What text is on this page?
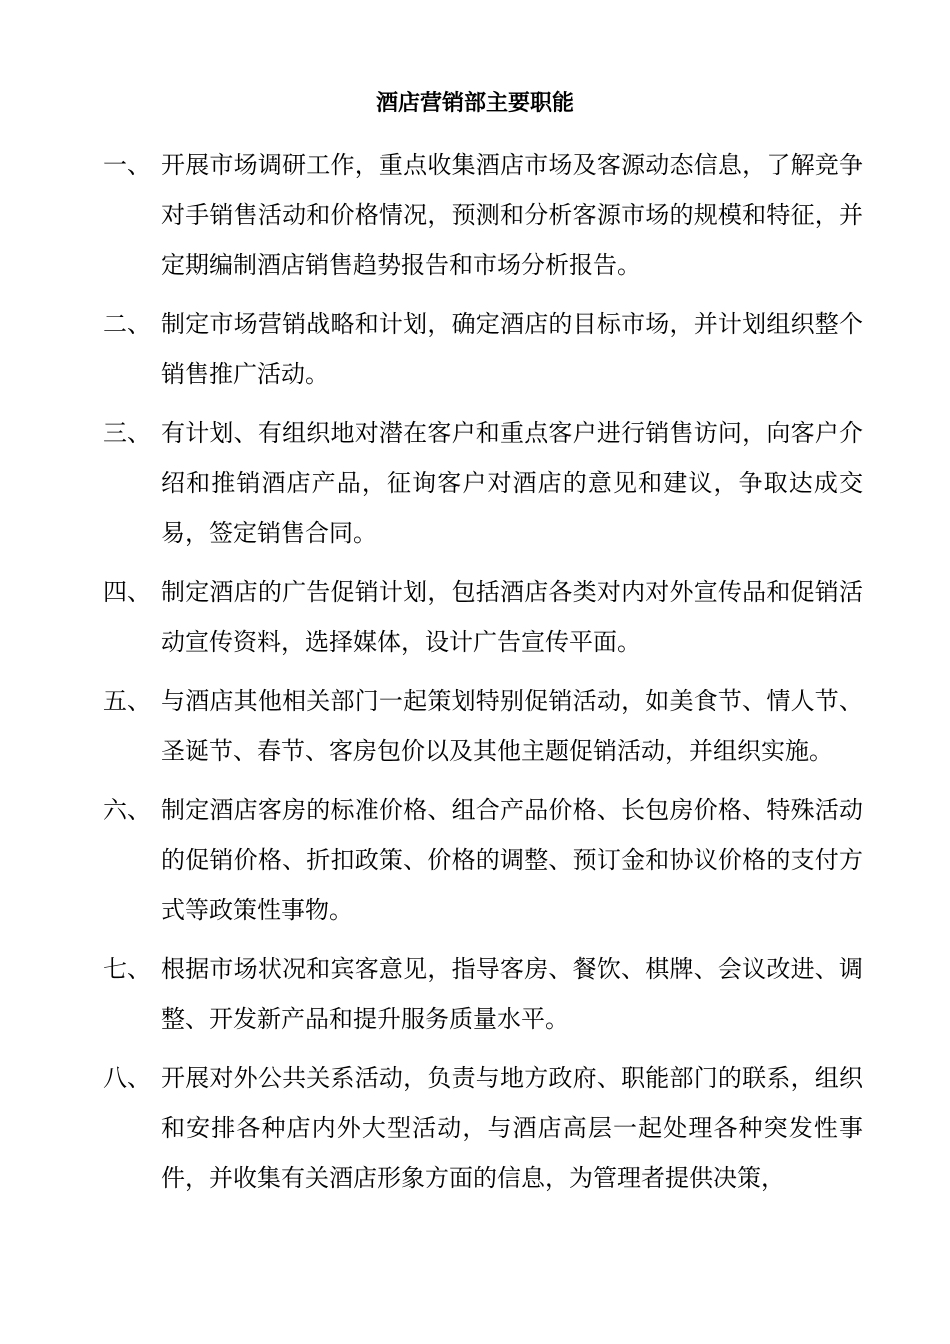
酒店营销部主要职能
一、 开展市场调研工作，重点收集酒店市场及客源动态信息，了解竞争对手销售活动和价格情况，预测和分析客源市场的规模和特征，并定期编制酒店销售趋势报告和市场分析报告。
二、 制定市场营销战略和计划，确定酒店的目标市场，并计划组织整个销售推广活动。
三、 有计划、有组织地对潜在客户和重点客户进行销售访问，向客户介绍和推销酒店产品，征询客户对酒店的意见和建议，争取达成交易，签定销售合同。
四、 制定酒店的广告促销计划，包括酒店各类对内对外宣传品和促销活动宣传资料，选择媒体，设计广告宣传平面。
五、 与酒店其他相关部门一起策划特别促销活动，如美食节、情人节、圣诞节、春节、客房包价以及其他主题促销活动，并组织实施。
六、 制定酒店客房的标准价格、组合产品价格、长包房价格、特殊活动的促销价格、折扣政策、价格的调整、预订金和协议价格的支付方式等政策性事物。
七、 根据市场状况和宾客意见，指导客房、餐饮、棋牌、会议改进、调整、开发新产品和提升服务质量水平。
八、 开展对外公共关系活动，负责与地方政府、职能部门的联系，组织和安排各种店内外大型活动，与酒店高层一起处理各种突发性事件，并收集有关酒店形象方面的信息，为管理者提供决策，
